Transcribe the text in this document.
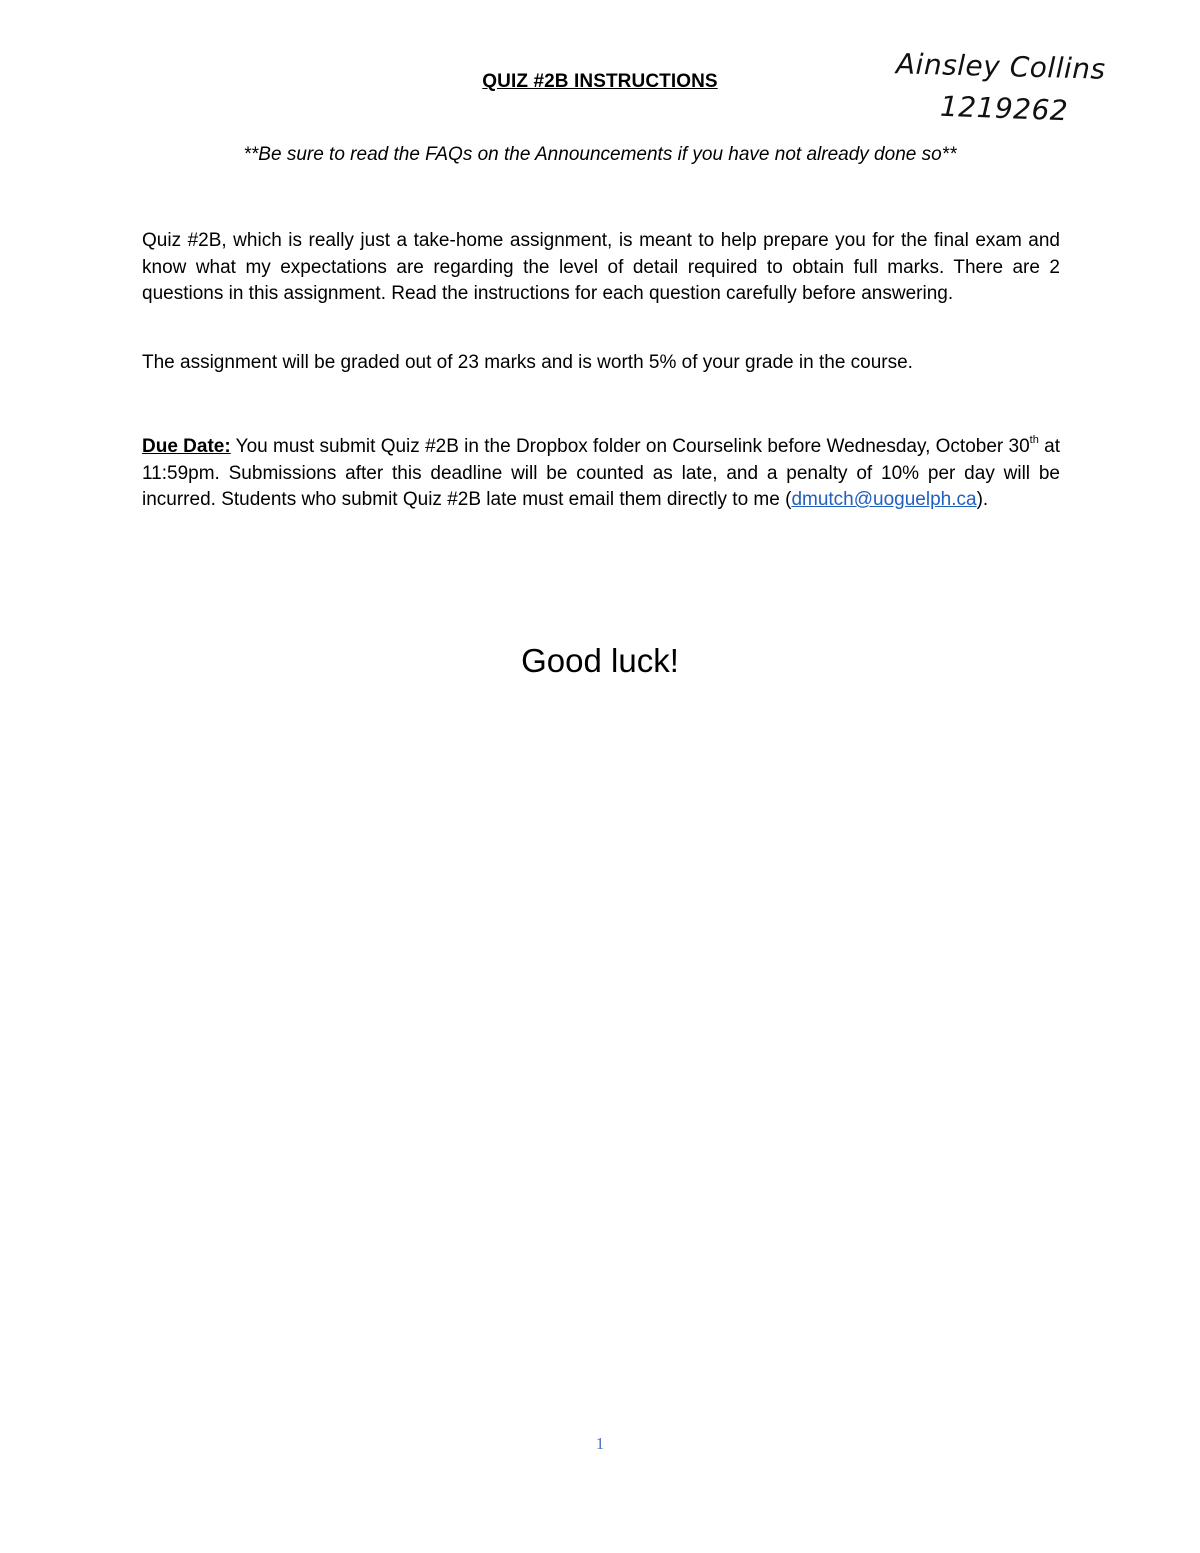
QUIZ #2B INSTRUCTIONS	Ainsley Collins
1219262
**Be sure to read the FAQs on the Announcements if you have not already done so**

Quiz #2B, which is really just a take-home assignment, is meant to help prepare you for the final exam and know what my expectations are regarding the level of detail required to obtain full marks. There are 2 questions in this assignment. Read the instructions for each question carefully before answering.

The assignment will be graded out of 23 marks and is worth 5% of your grade in the course.

Due Date: You must submit Quiz #2B in the Dropbox folder on Courselink before Wednesday, October 30th at 11:59pm. Submissions after this deadline will be counted as late, and a penalty of 10% per day will be incurred. Students who submit Quiz #2B late must email them directly to me (dmutch@uoguelph.ca).

Good luck!
1
